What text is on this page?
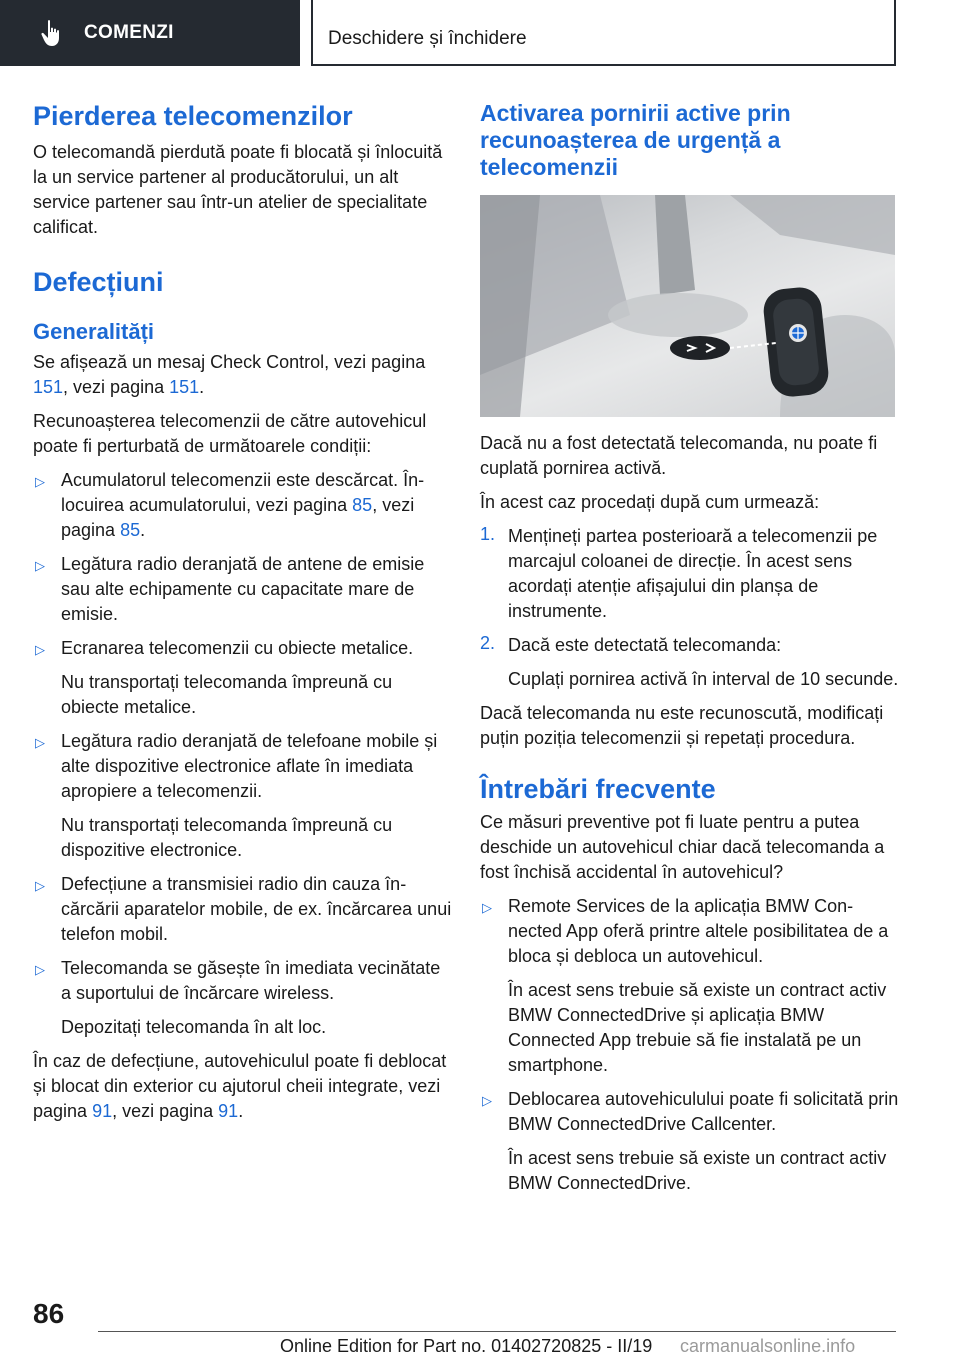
COMENZI	Deschidere și închidere
Pierderea telecomenzilor

O telecomandă pierdută poate fi blocată și înlocuită la un service partener al producătorului, un alt service partener sau într-un atelier de specialitate calificat.

Defecțiuni
Generalități

Se afișează un mesaj Check Control, vezi pagina 151, vezi pagina 151.

Recunoașterea telecomenzii de către autovehicul poate fi perturbată de următoarele condiții:

▷ Acumulatorul telecomenzii este descărcat. Înlocuirea acumulatorului, vezi pagina 85, vezi pagina 85.

▷ Legătura radio deranjată de antene de emisie sau alte echipamente cu capacitate mare de emisie.

▷ Ecranarea telecomenzii cu obiecte metalice.

Nu transportați telecomanda împreună cu obiecte metalice.

▷ Legătura radio deranjată de telefoane mobile și alte dispozitive electronice aflate în imediata apropiere a telecomenzii.

Nu transportați telecomanda împreună cu dispozitive electronice.

▷ Defecțiune a transmisiei radio din cauza încărcării aparatelor mobile, de ex. încărcarea unui telefon mobil.

▷ Telecomanda se găsește în imediata vecinătate a suportului de încărcare wireless.

Depozitați telecomanda în alt loc.

În caz de defecțiune, autovehiculul poate fi deblocat și blocat din exterior cu ajutorul cheii integrate, vezi pagina 91, vezi pagina 91.

Activarea pornirii active prin recunoașterea de urgență a telecomenzii

Dacă nu a fost detectată telecomanda, nu poate fi cuplată pornirea activă.

În acest caz procedați după cum urmează:

1. Mențineți partea posterioară a telecomenzii pe marcajul coloanei de direcție. În acest sens acordați atenție afișajului din planșa de instrumente.

2. Dacă este detectată telecomanda:

Cuplați pornirea activă în interval de 10 secunde.

Dacă telecomanda nu este recunoscută, modificați puțin poziția telecomenzii și repetați procedura.

Întrebări frecvente

Ce măsuri preventive pot fi luate pentru a putea deschide un autovehicul chiar dacă telecomanda a fost închisă accidental în autovehicul?

▷ Remote Services de la aplicația BMW Connected App oferă printre altele posibilitatea de a bloca și debloca un autovehicul.

În acest sens trebuie să existe un contract activ BMW ConnectedDrive și aplicația BMW Connected App trebuie să fie instalată pe un smartphone.

▷ Deblocarea autovehiculului poate fi solicitată prin BMW ConnectedDrive Callcenter.

În acest sens trebuie să existe un contract activ BMW ConnectedDrive.

86
Online Edition for Part no. 01402720825 - II/19 carmanualsonline.info
